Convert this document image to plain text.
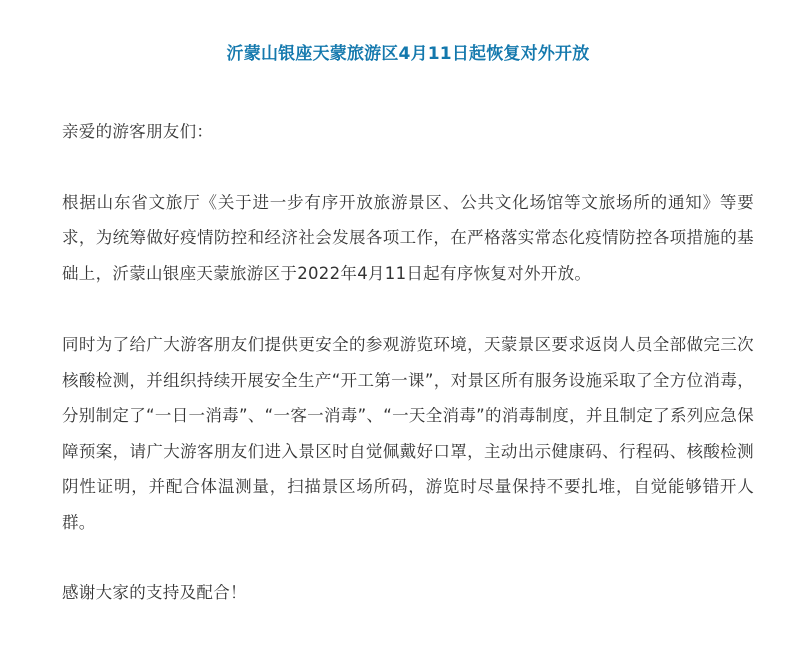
沂蒙山银座天蒙旅游区4月11日起恢复对外开放

亲爱的游客朋友们：

根据山东省文旅厅《关于进一步有序开放旅游景区、公共文化场馆等文旅场所的通知》等要求，为统筹做好疫情防控和经济社会发展各项工作，在严格落实常态化疫情防控各项措施的基础上，沂蒙山银座天蒙旅游区于2022年4月11日起有序恢复对外开放。

同时为了给广大游客朋友们提供更安全的参观游览环境，天蒙景区要求返岗人员全部做完三次核酸检测，并组织持续开展安全生产“开工第一课”，对景区所有服务设施采取了全方位消毒，分别制定了“一日一消毒”、“一客一消毒”、“一天全消毒”的消毒制度，并且制定了系列应急保障预案，请广大游客朋友们进入景区时自觉佩戴好口罩，主动出示健康码、行程码、核酸检测阴性证明，并配合体温测量，扫描景区场所码，游览时尽量保持不要扎堆，自觉能够错开人群。

感谢大家的支持及配合！
